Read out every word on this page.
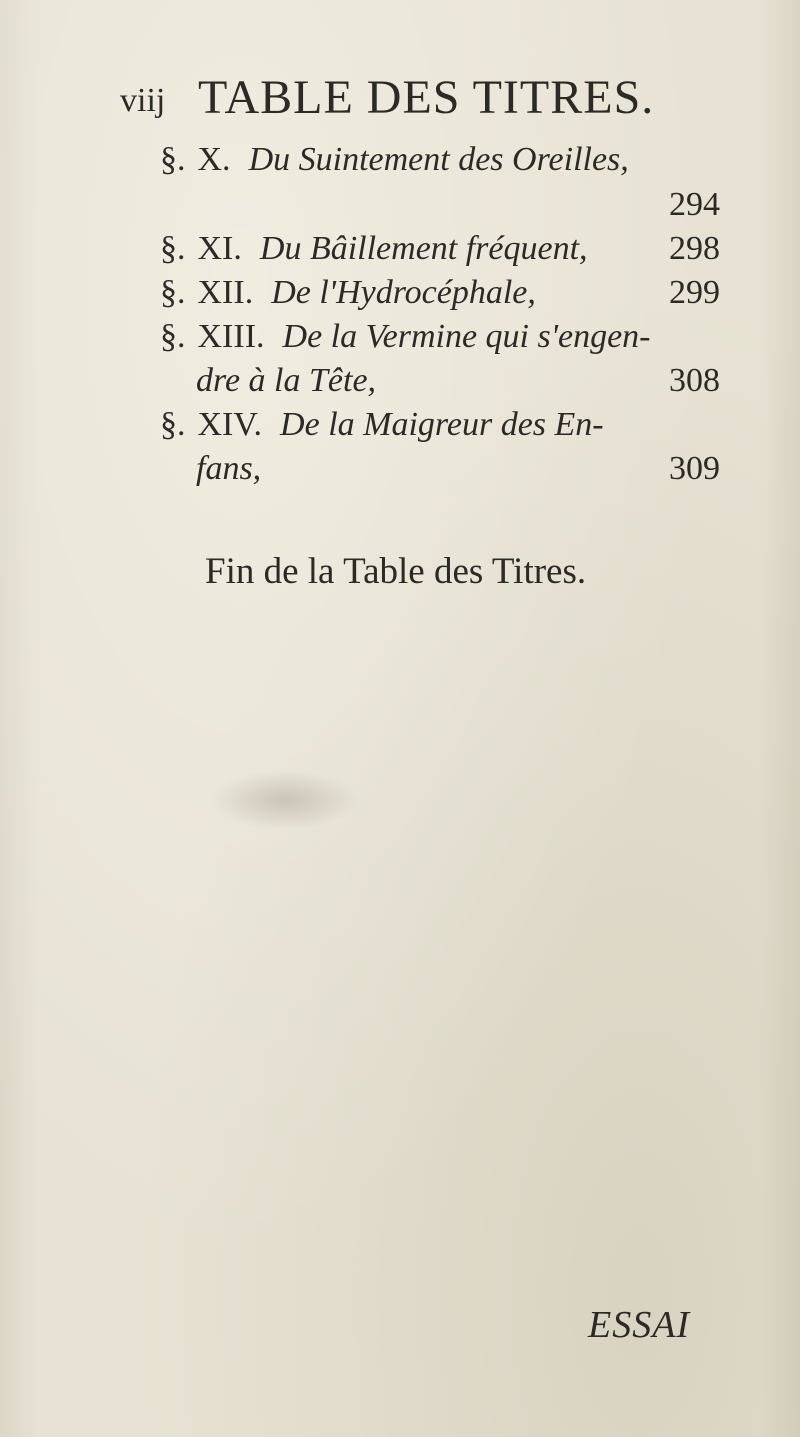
viij TABLE DES TITRES.
§. X. Du Suintement des Oreilles,
294
§. XI. Du Bâillement fréquent,	298
§. XII. De l'Hydrocéphale,	299
§. XIII. De la Vermine qui s'engen-
dre à la Tête,	308
§. XIV. De la Maigreur des En-
fans,	309
Fin de la Table des Titres.
ESSAI
